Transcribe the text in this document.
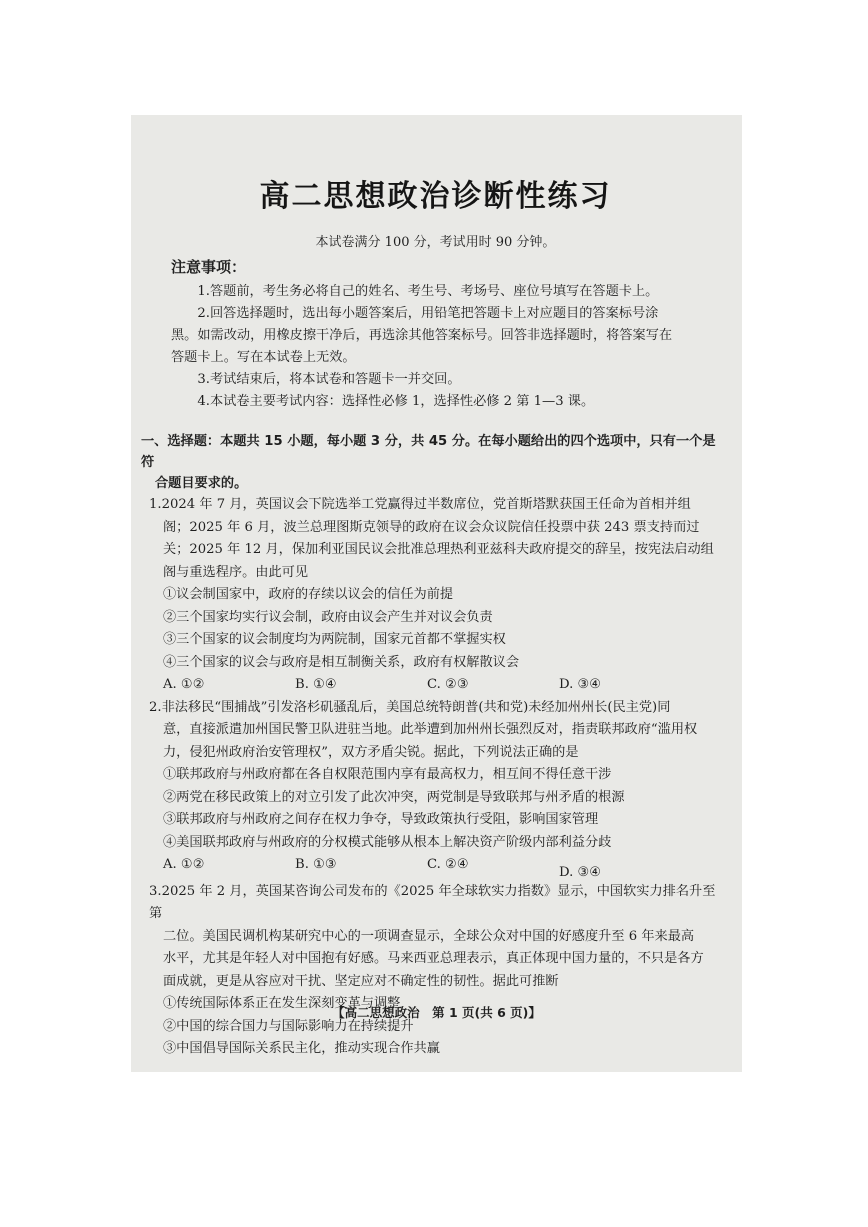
高二思想政治诊断性练习

本试卷满分 100 分，考试用时 90 分钟。

注意事项：

1.答题前，考生务必将自己的姓名、考生号、考场号、座位号填写在答题卡上。

2.回答选择题时，选出每小题答案后，用铅笔把答题卡上对应题目的答案标号涂

黑。如需改动，用橡皮擦干净后，再选涂其他答案标号。回答非选择题时，将答案写在

答题卡上。写在本试卷上无效。

3.考试结束后，将本试卷和答题卡一并交回。

4.本试卷主要考试内容：选择性必修 1，选择性必修 2 第 1—3 课。

一、选择题：本题共 15 小题，每小题 3 分，共 45 分。在每小题给出的四个选项中，只有一个是符
合题目要求的。

1.2024 年 7 月，英国议会下院选举工党赢得过半数席位，党首斯塔默获国王任命为首相并组

阁；2025 年 6 月，波兰总理图斯克领导的政府在议会众议院信任投票中获 243 票支持而过

关；2025 年 12 月，保加利亚国民议会批准总理热利亚兹科夫政府提交的辞呈，按宪法启动组

阁与重选程序。由此可见

①议会制国家中，政府的存续以议会的信任为前提

②三个国家均实行议会制，政府由议会产生并对议会负责

③三个国家的议会制度均为两院制，国家元首都不掌握实权

④三个国家的议会与政府是相互制衡关系，政府有权解散议会

A. ①②	B. ①④	C. ②③	D. ③④

2.非法移民“围捕战”引发洛杉矶骚乱后，美国总统特朗普(共和党)未经加州州长(民主党)同

意，直接派遣加州国民警卫队进驻当地。此举遭到加州州长强烈反对，指责联邦政府“滥用权

力，侵犯州政府治安管理权”，双方矛盾尖锐。据此，下列说法正确的是

①联邦政府与州政府都在各自权限范围内享有最高权力，相互间不得任意干涉

②两党在移民政策上的对立引发了此次冲突，两党制是导致联邦与州矛盾的根源

③联邦政府与州政府之间存在权力争夺，导致政策执行受阻，影响国家管理

④美国联邦政府与州政府的分权模式能够从根本上解决资产阶级内部利益分歧

A. ①②	B. ①③	C. ②④
D. ③④

3.2025 年 2 月，英国某咨询公司发布的《2025 年全球软实力指数》显示，中国软实力排名升至第

二位。美国民调机构某研究中心的一项调查显示，全球公众对中国的好感度升至 6 年来最高

水平，尤其是年轻人对中国抱有好感。马来西亚总理表示，真正体现中国力量的，不只是各方

面成就，更是从容应对干扰、坚定应对不确定性的韧性。据此可推断

①传统国际体系正在发生深刻变革与调整

②中国的综合国力与国际影响力在持续提升

③中国倡导国际关系民主化，推动实现合作共赢

【高二思想政治　第 1 页(共 6 页)】
